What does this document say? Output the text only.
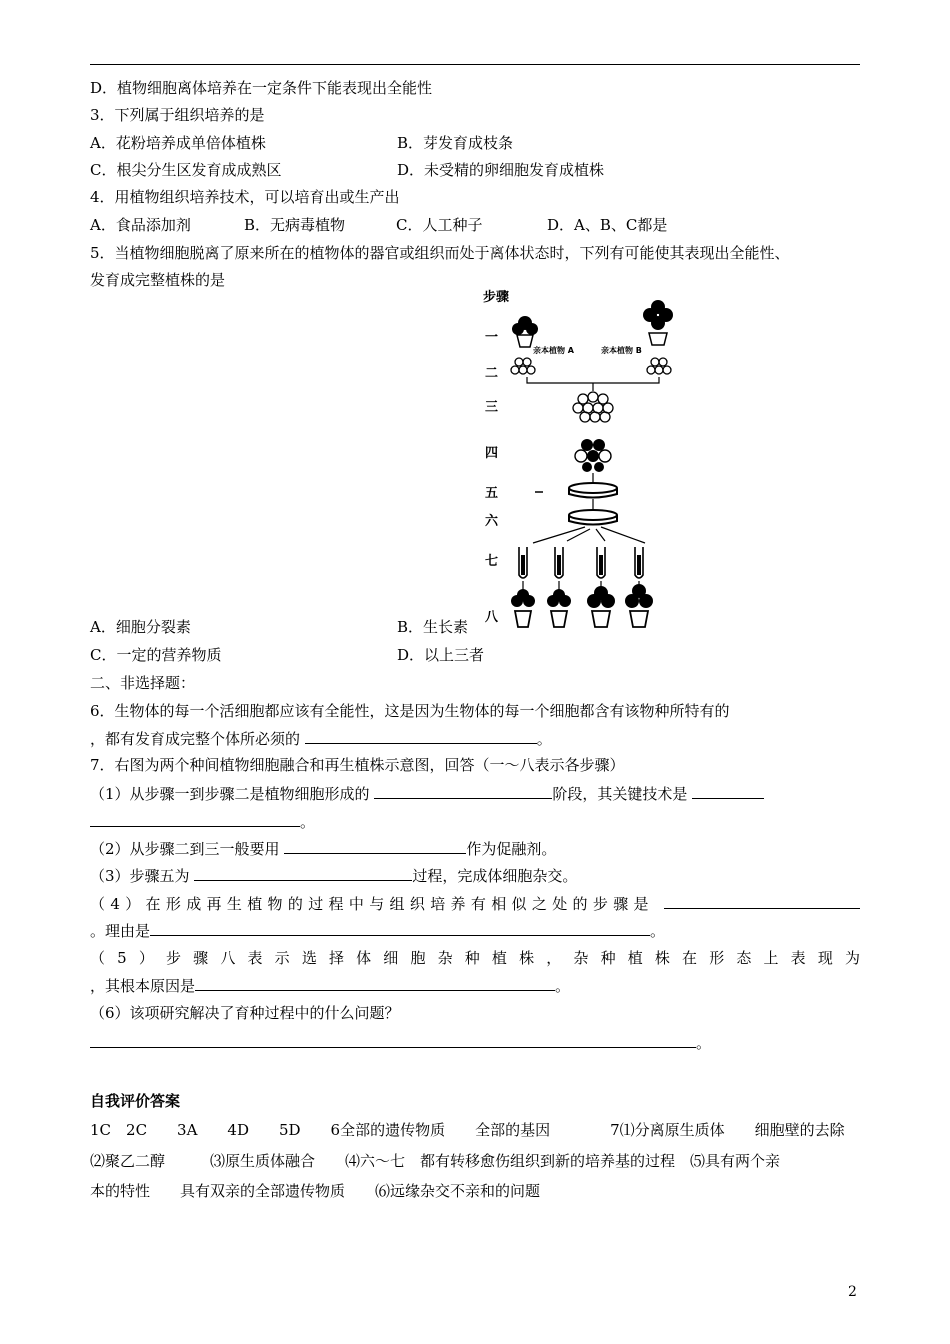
D．植物细胞离体培养在一定条件下能表现出全能性
3．下列属于组织培养的是
A．花粉培养成单倍体植株	B．芽发育成枝条
C．根尖分生区发育成成熟区	D．未受精的卵细胞发育成植株
4．用植物组织培养技术，可以培育出或生产出
A．食品添加剂	B．无病毒植物	C．人工种子	D．A、B、C都是
5．当植物细胞脱离了原来所在的植物体的器官或组织而处于离体状态时，下列有可能使其表现出全能性、
发育成完整植株的是
步骤
一
二
三
四
五
六
七
八
亲本植物 A	亲本植物 B
A．细胞分裂素	B．生长素
C．一定的营养物质	D．以上三者
二、非选择题：
6．生物体的每一个活细胞都应该有全能性，这是因为生物体的每一个细胞都含有该物种所特有的
，都有发育成完整个体所必须的	。
7．右图为两个种间植物细胞融合和再生植株示意图，回答（一～八表示各步骤）
（1）从步骤一到步骤二是植物细胞形成的	阶段，其关键技术是
。
（2）从步骤二到三一般要用	作为促融剂。
（3）步骤五为	过程，完成体细胞杂交。
（4）在形成再生植物的过程中与组织培养有相似之处的步骤是
。理由是	。
（5）步骤八表示选择体细胞杂种植株，杂种植株在形态上表现为
，其根本原因是	。
（6）该项研究解决了育种过程中的什么问题？
。
自我评价答案
1C　2C　　3A　　4D　　5D　　6全部的遗传物质　　全部的基因　　　　7⑴分离原生质体　　细胞壁的去除
⑵聚乙二醇　　　⑶原生质体融合　　⑷六～七　都有转移愈伤组织到新的培养基的过程　⑸具有两个亲
本的特性　　具有双亲的全部遗传物质　　⑹远缘杂交不亲和的问题
2
